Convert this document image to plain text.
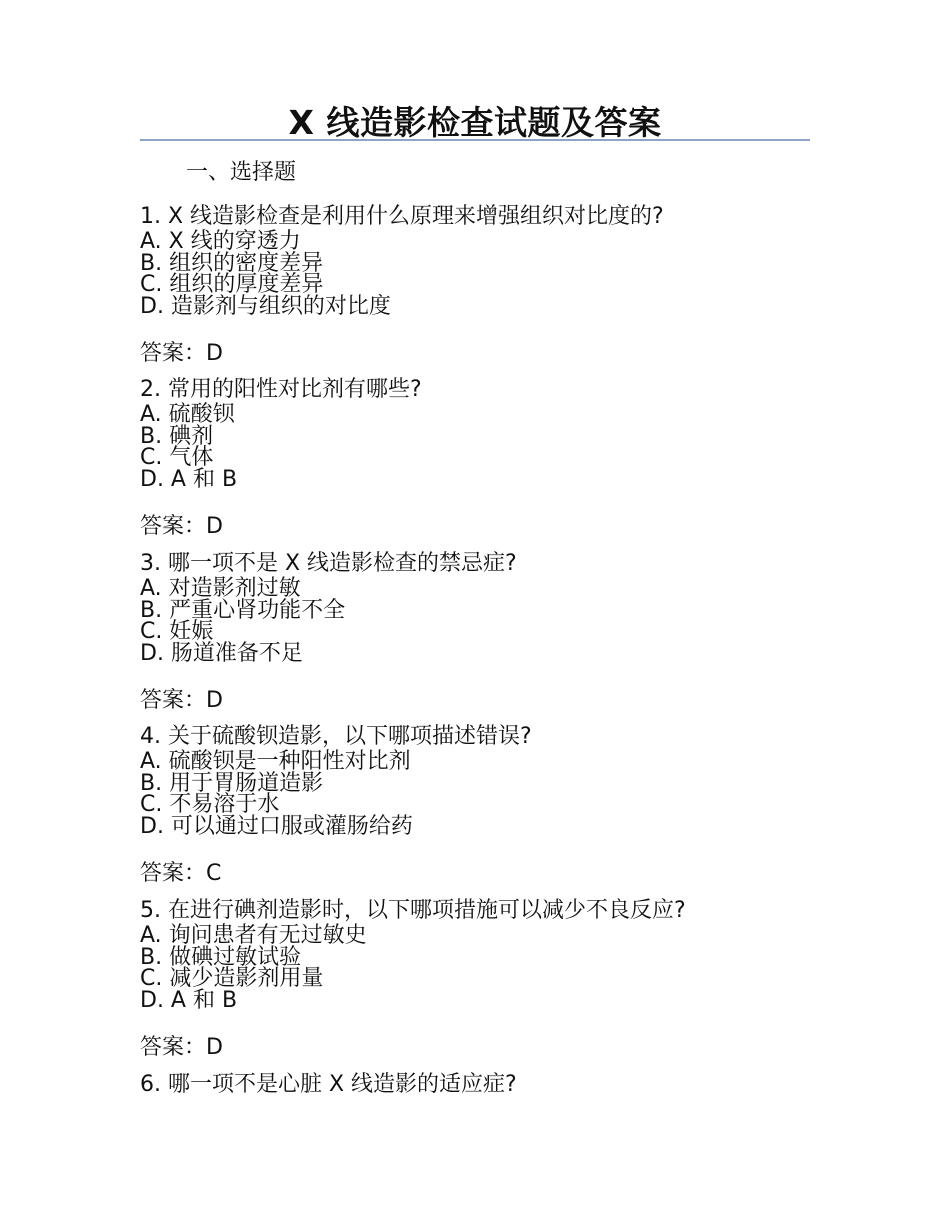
X 线造影检查试题及答案
一、选择题
1. X 线造影检查是利用什么原理来增强组织对比度的?
A. X 线的穿透力
B. 组织的密度差异
C. 组织的厚度差异
D. 造影剂与组织的对比度
答案：D
2. 常用的阳性对比剂有哪些?
A. 硫酸钡
B. 碘剂
C. 气体
D. A 和 B
答案：D
3. 哪一项不是 X 线造影检查的禁忌症?
A. 对造影剂过敏
B. 严重心肾功能不全
C. 妊娠
D. 肠道准备不足
答案：D
4. 关于硫酸钡造影，以下哪项描述错误?
A. 硫酸钡是一种阳性对比剂
B. 用于胃肠道造影
C. 不易溶于水
D. 可以通过口服或灌肠给药
答案：C
5. 在进行碘剂造影时，以下哪项措施可以减少不良反应?
A. 询问患者有无过敏史
B. 做碘过敏试验
C. 减少造影剂用量
D. A 和 B
答案：D
6. 哪一项不是心脏 X 线造影的适应症?
